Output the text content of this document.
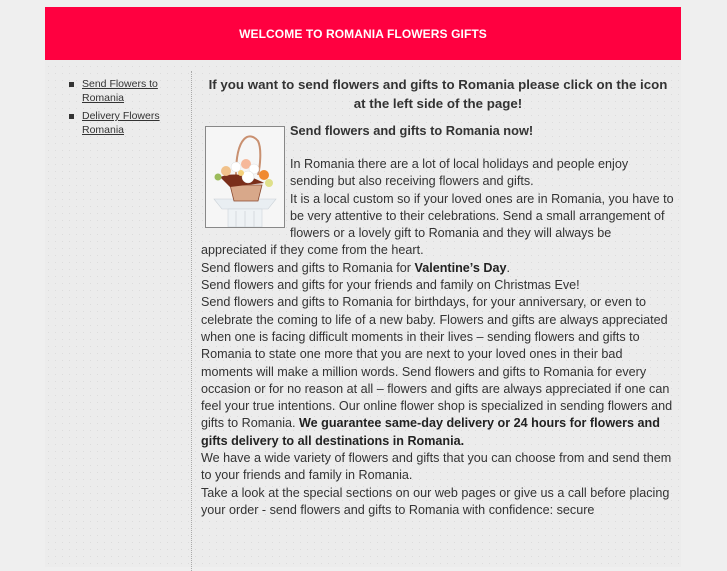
WELCOME TO ROMANIA FLOWERS GIFTS
Send Flowers to Romania
Delivery Flowers Romania

If you want to send flowers and gifts to Romania please click on the icon at the left side of the page!

Send flowers and gifts to Romania now!

In Romania there are a lot of local holidays and people enjoy sending but also receiving flowers and gifts.

It is a local custom so if your loved ones are in Romania, you have to be very attentive to their celebrations. Send a small arrangement of flowers or a lovely gift to Romania and they will always be appreciated if they come from the heart.

Send flowers and gifts to Romania for Valentine’s Day.

Send flowers and gifts for your friends and family on Christmas Eve!

Send flowers and gifts to Romania for birthdays, for your anniversary, or even to celebrate the coming to life of a new baby. Flowers and gifts are always appreciated when one is facing difficult moments in their lives – sending flowers and gifts to Romania to state one more that you are next to your loved ones in their bad moments will make a million words. Send flowers and gifts to Romania for every occasion or for no reason at all – flowers and gifts are always appreciated if one can feel your true intentions. Our online flower shop is specialized in sending flowers and gifts to Romania. We guarantee same-day delivery or 24 hours for flowers and gifts delivery to all destinations in Romania.

We have a wide variety of flowers and gifts that you can choose from and send them to your friends and family in Romania.

Take a look at the special sections on our web pages or give us a call before placing your order - send flowers and gifts to Romania with confidence: secure
